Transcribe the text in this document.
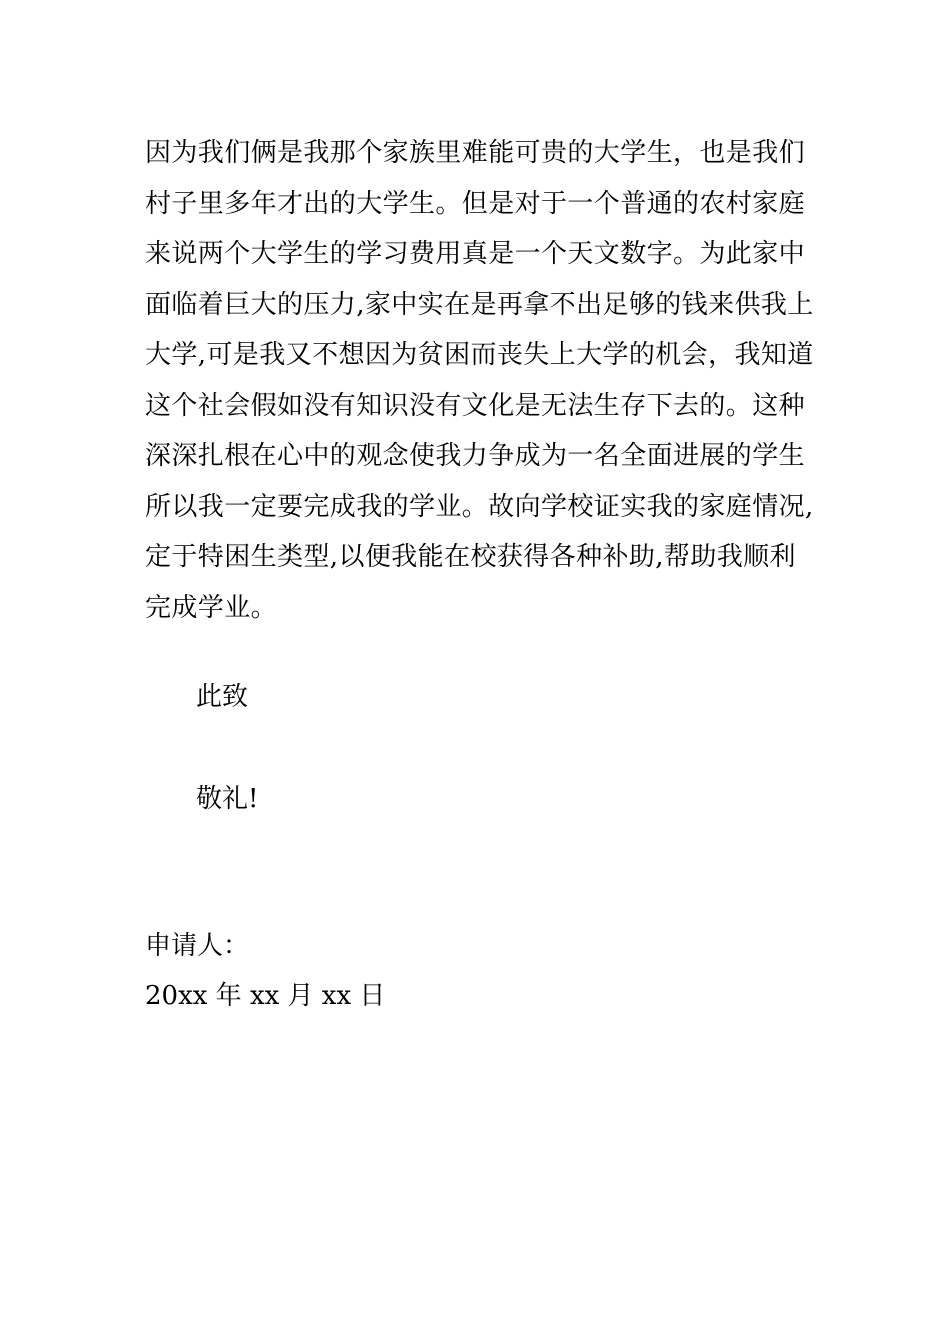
因为我们俩是我那个家族里难能可贵的大学生，也是我们
村子里多年才出的大学生。但是对于一个普通的农村家庭
来说两个大学生的学习费用真是一个天文数字。为此家中
面临着巨大的压力,家中实在是再拿不出足够的钱来供我上
大学,可是我又不想因为贫困而丧失上大学的机会，我知道
这个社会假如没有知识没有文化是无法生存下去的。这种
深深扎根在心中的观念使我力争成为一名全面进展的学生
所以我一定要完成我的学业。故向学校证实我的家庭情况,
定于特困生类型,以便我能在校获得各种补助,帮助我顺利
完成学业。
此致
敬礼!
申请人：
20xx 年 xx 月 xx 日
